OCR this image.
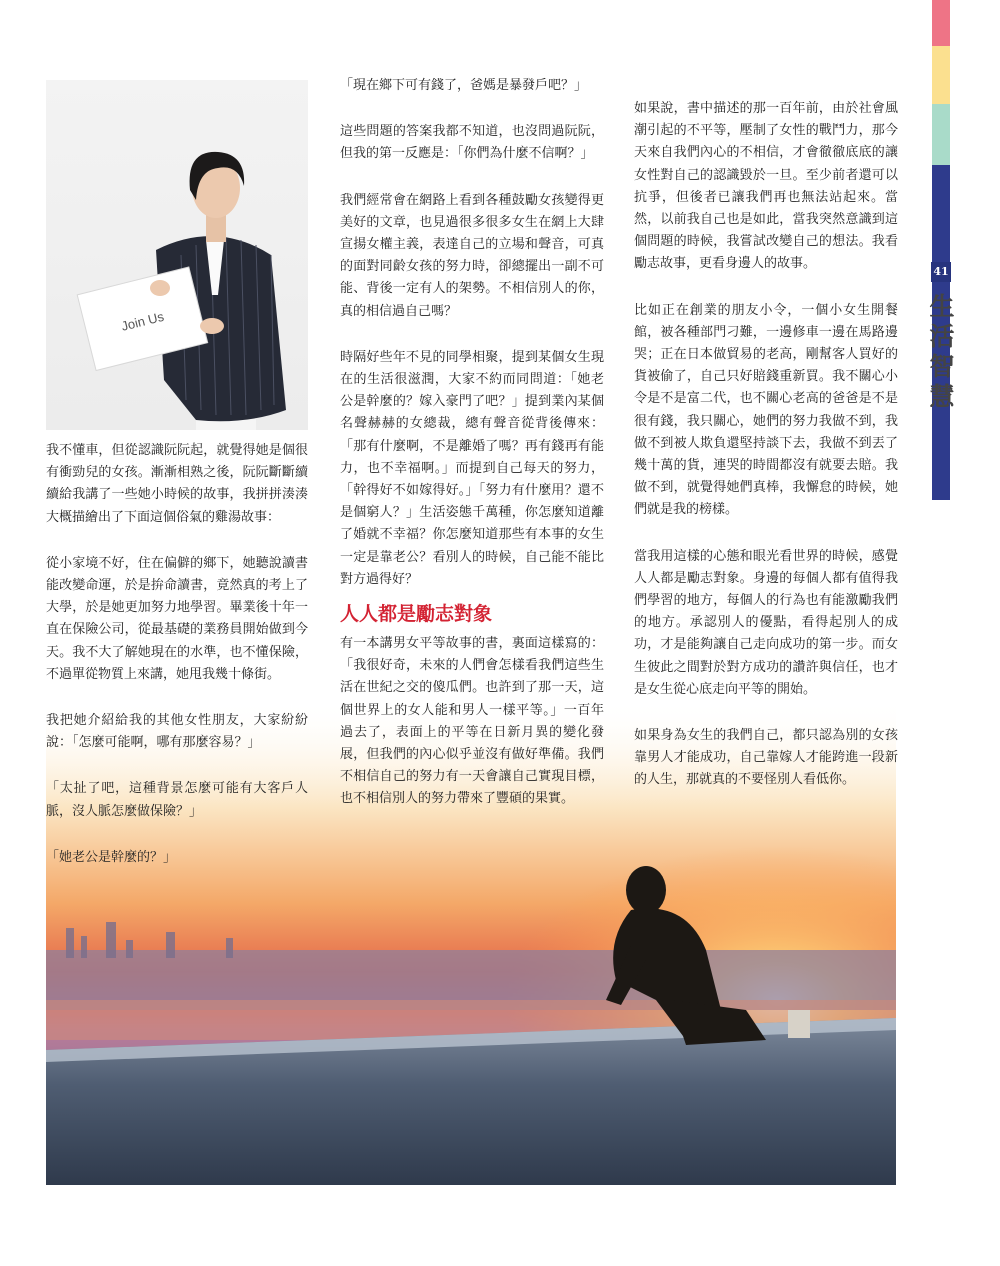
41
生
活
智
慧
Join Us

我不懂車，但從認識阮阮起，就覺得她是個很有衝勁兒的女孩。漸漸相熟之後，阮阮斷斷續續給我講了一些她小時候的故事，我拼拼湊湊大概描繪出了下面這個俗氣的雞湯故事：

從小家境不好，住在偏僻的鄉下，她聽說讀書能改變命運，於是拚命讀書，竟然真的考上了大學，於是她更加努力地學習。畢業後十年一直在保險公司，從最基礎的業務員開始做到今天。我不大了解她現在的水準，也不懂保險，不過單從物質上來講，她甩我幾十條街。

我把她介紹給我的其他女性朋友，大家紛紛說：「怎麼可能啊，哪有那麼容易？」

「太扯了吧，這種背景怎麼可能有大客戶人脈，沒人脈怎麼做保險？」

「她老公是幹麼的？」

「現在鄉下可有錢了，爸媽是暴發戶吧？」

這些問題的答案我都不知道，也沒問過阮阮，但我的第一反應是：「你們為什麼不信啊？」

我們經常會在網路上看到各種鼓勵女孩變得更美好的文章，也見過很多很多女生在網上大肆宣揚女權主義，表達自己的立場和聲音，可真的面對同齡女孩的努力時，卻總擺出一副不可能、背後一定有人的架勢。不相信別人的你，真的相信過自己嗎？

時隔好些年不見的同學相聚，提到某個女生現在的生活很滋潤，大家不約而同問道：「她老公是幹麼的？嫁入豪門了吧？」提到業內某個名聲赫赫的女總裁，總有聲音從背後傳來：「那有什麼啊，不是離婚了嗎？再有錢再有能力，也不幸福啊。」而提到自己每天的努力，「幹得好不如嫁得好。」「努力有什麼用？還不是個窮人？」生活姿態千萬種，你怎麼知道離了婚就不幸福？你怎麼知道那些有本事的女生一定是靠老公？看別人的時候，自己能不能比對方過得好？

人人都是勵志對象

有一本講男女平等故事的書，裏面這樣寫的：「我很好奇，未來的人們會怎樣看我們這些生活在世紀之交的傻瓜們。也許到了那一天，這個世界上的女人能和男人一樣平等。」一百年過去了，表面上的平等在日新月異的變化發展，但我們的內心似乎並沒有做好準備。我們不相信自己的努力有一天會讓自己實現目標，也不相信別人的努力帶來了豐碩的果實。

如果說，書中描述的那一百年前，由於社會風潮引起的不平等，壓制了女性的戰鬥力，那今天來自我們內心的不相信，才會徹徹底底的讓女性對自己的認識毀於一旦。至少前者還可以抗爭，但後者已讓我們再也無法站起來。當然，以前我自己也是如此，當我突然意識到這個問題的時候，我嘗試改變自己的想法。我看勵志故事，更看身邊人的故事。

比如正在創業的朋友小令，一個小女生開餐館，被各種部門刁難，一邊修車一邊在馬路邊哭；正在日本做貿易的老高，剛幫客人買好的貨被偷了，自己只好賠錢重新買。我不關心小令是不是富二代，也不關心老高的爸爸是不是很有錢，我只關心，她們的努力我做不到，我做不到被人欺負還堅持談下去，我做不到丟了幾十萬的貨，連哭的時間都沒有就要去賠。我做不到，就覺得她們真棒，我懈怠的時候，她們就是我的榜樣。

當我用這樣的心態和眼光看世界的時候，感覺人人都是勵志對象。身邊的每個人都有值得我們學習的地方，每個人的行為也有能激勵我們的地方。承認別人的優點，看得起別人的成功，才是能夠讓自己走向成功的第一步。而女生彼此之間對於對方成功的讚許與信任，也才是女生從心底走向平等的開始。

如果身為女生的我們自己，都只認為別的女孩靠男人才能成功，自己靠嫁人才能跨進一段新的人生，那就真的不要怪別人看低你。
